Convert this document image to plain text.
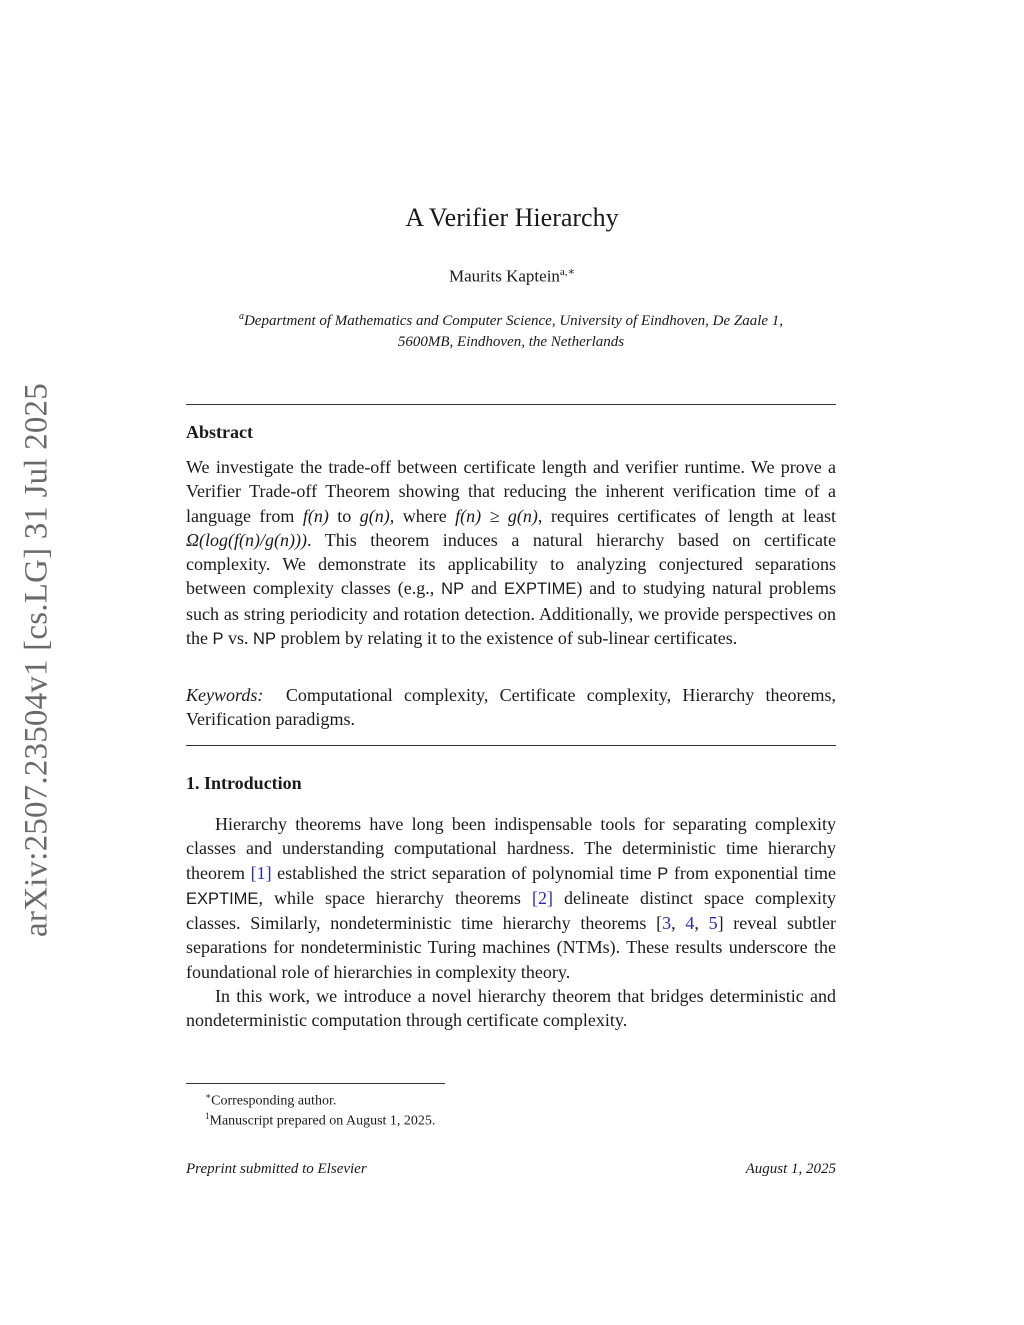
arXiv:2507.23504v1 [cs.LG] 31 Jul 2025
A Verifier Hierarchy
Maurits Kaptein$^{a,∗}$
$^a$Department of Mathematics and Computer Science, University of Eindhoven, De Zaale 1,
5600MB, Eindhoven, the Netherlands
Abstract

We investigate the trade-off between certificate length and verifier runtime. We prove a Verifier Trade-off Theorem showing that reducing the inherent verification time of a language from f(n) to g(n), where f(n) ≥ g(n), requires certificates of length at least Ω(log(f(n)/g(n))). This theorem induces a natural hierarchy based on certificate complexity. We demonstrate its applicability to analyzing conjectured separations between complexity classes (e.g., NP and EXPTIME) and to studying natural problems such as string periodicity and rotation detection. Additionally, we provide perspectives on the P vs. NP problem by relating it to the existence of sub-linear certificates.

Keywords: Computational complexity, Certificate complexity, Hierarchy theorems, Verification paradigms.

1. Introduction

Hierarchy theorems have long been indispensable tools for separating complexity classes and understanding computational hardness. The deterministic time hierarchy theorem [1] established the strict separation of polynomial time P from exponential time EXPTIME, while space hierarchy theorems [2] delineate distinct space complexity classes. Similarly, nondeterministic time hierarchy theorems [3, 4, 5] reveal subtler separations for nondeterministic Turing machines (NTMs). These results underscore the foundational role of hierarchies in complexity theory.

In this work, we introduce a novel hierarchy theorem that bridges deterministic and nondeterministic computation through certificate complexity.

∗Corresponding author.
$^1$Manuscript prepared on August 1, 2025.
Preprint submitted to Elsevier	August 1, 2025
